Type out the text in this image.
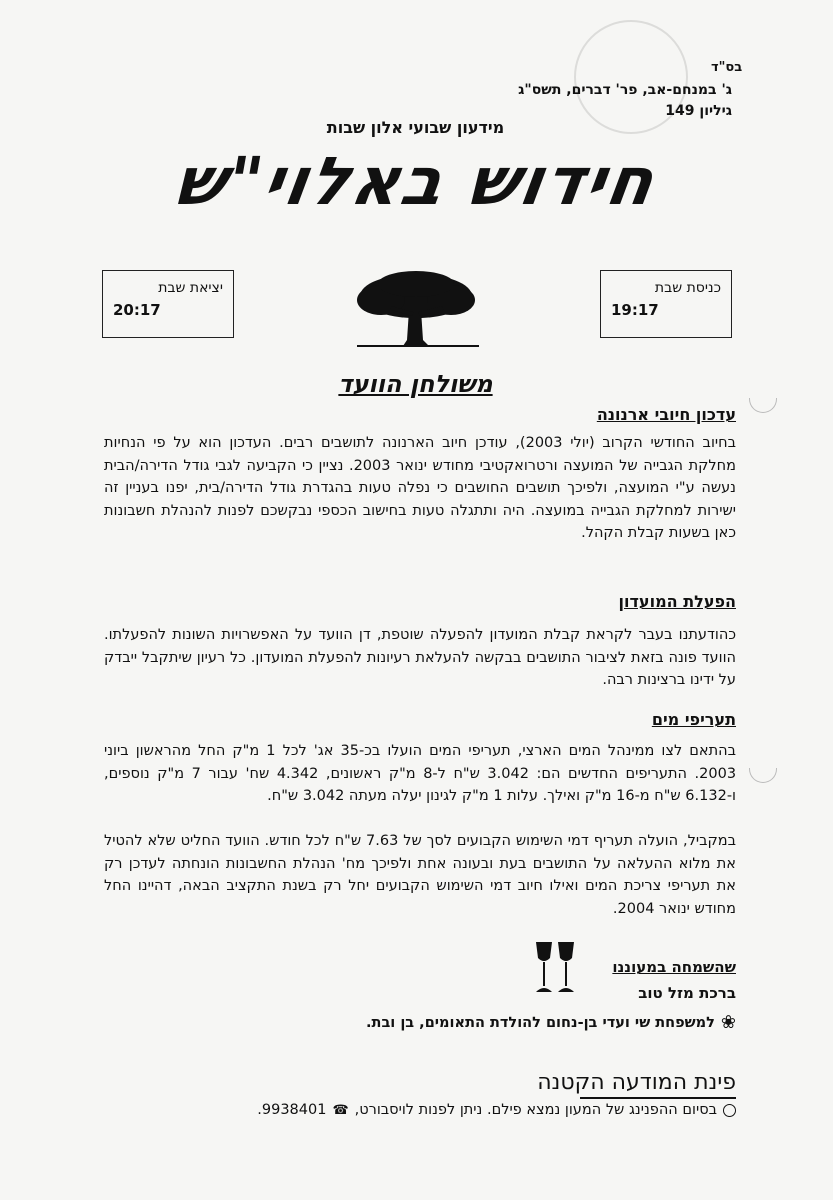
בס"ד
ג' במנחם-אב, פר' דברים, תשס"ג
גיליון 149
מידעון שבועי אלון שבות
חידוש באלוי"ש
כניסת שבת
19:17
יציאת שבת
20:17
משולחן הוועד
עדכון חיובי ארנונה
בחיוב החודשי הקרוב (יולי 2003), עודכן חיוב הארנונה לתושבים רבים. העדכון הוא על פי הנחיות מחלקת הגבייה של המועצה ורטרואקטיבי מחודש ינואר 2003. נציין כי הקביעה לגבי גודל הדירה/הבית נעשה ע"י המועצה, ולפיכך תושבים החושבים כי נפלה טעות בהגדרת גודל הדירה/בית, יפנו בעניין זה ישירות למחלקת הגבייה במועצה. היה ותתגלה טעות בחישוב הכספי נבקשכם לפנות להנהלת חשבונות כאן בשעות קבלת הקהל.
הפעלת המועדון
כהודעתנו בעבר לקראת קבלת המועדון להפעלה שוטפת, דן הוועד על האפשרויות השונות להפעלתו. הוועד פונה בזאת לציבור התושבים בבקשה להעלאת רעיונות להפעלת המועדון. כל רעיון שיתקבל ייבדק על ידינו ברצינות רבה.
תעריפי מים
בהתאם לצו ממינהל המים הארצי, תעריפי המים הועלו בכ-35 אג' לכל 1 מ"ק החל מהראשון ביוני 2003. התעריפים החדשים הם: 3.042 ש"ח ל-8 מ"ק ראשונים, 4.342 שח' עבור 7 מ"ק נוספים, ו-6.132 ש"ח מ-16 מ"ק ואילך. עלות 1 מ"ק לגינון יעלה מעתה 3.042 ש"ח.
במקביל, הועלה תעריף דמי השימוש הקבועים לסך של 7.63 ש"ח לכל חודש. הוועד החליט שלא להטיל את מלוא ההעלאה על התושבים בעת ובעונה אחת ולפיכך מח' הנהלת החשבונות הונחתה לעדכן רק את תעריפי צריכת המים ואילו חיוב דמי השימוש הקבועים יחל רק בשנת התקציב הבאה, דהיינו החל מחודש ינואר 2004.
שהשמחה במעוננו
ברכת מזל טוב
❀
למשפחת שי ועדי בן-נחום להולדת התאומים, בן ובת.
פינת המודעה הקטנה
בסיום ההפנינג של המעון נמצא פילם. ניתן לפנות לויסבורט,
☎
9938401.
